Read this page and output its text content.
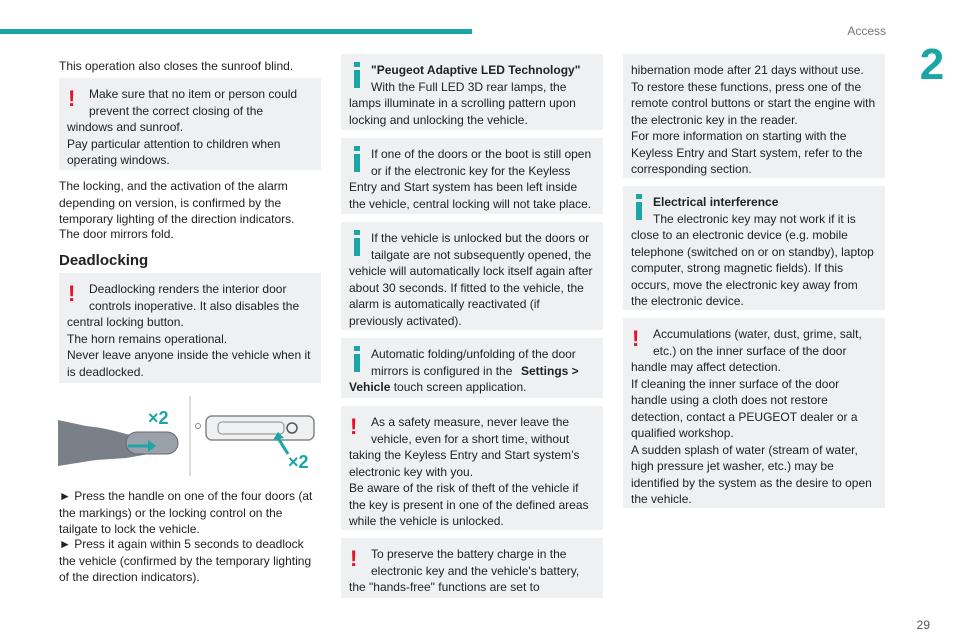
Access
2

This operation also closes the sunroof blind.

!	Make sure that no item or person could prevent the correct closing of the
windows and sunroof.

Pay particular attention to children when operating windows.

The locking, and the activation of the alarm depending on version, is confirmed by the temporary lighting of the direction indicators.

The door mirrors fold.

Deadlocking
!	Deadlocking renders the interior door controls inoperative. It also disables the
central locking button.

The horn remains operational.

Never leave anyone inside the vehicle when it is deadlocked.

×2
×2

► Press the handle on one of the four doors (at the markings) or the locking control on the tailgate to lock the vehicle.

► Press it again within 5 seconds to deadlock the vehicle (confirmed by the temporary lighting of the direction indicators).

"Peugeot Adaptive LED Technology"
With the Full LED 3D rear lamps, the
lamps illuminate in a scrolling pattern upon locking and unlocking the vehicle.

If one of the doors or the boot is still open or if the electronic key for the Keyless
Entry and Start system has been left inside the vehicle, central locking will not take place.

If the vehicle is unlocked but the doors or tailgate are not subsequently opened, the
vehicle will automatically lock itself again after about 30 seconds. If fitted to the vehicle, the alarm is automatically reactivated (if previously activated).

Automatic folding/unfolding of the door mirrors is configured in the Settings >

Vehicle touch screen application.

!	As a safety measure, never leave the vehicle, even for a short time, without
taking the Keyless Entry and Start system’s electronic key with you.

Be aware of the risk of theft of the vehicle if the key is present in one of the defined areas while the vehicle is unlocked.

!	To preserve the battery charge in the electronic key and the vehicle's battery,
the "hands-free" functions are set to

hibernation mode after 21 days without use. To restore these functions, press one of the remote control buttons or start the engine with the electronic key in the reader.

For more information on starting with the Keyless Entry and Start system, refer to the corresponding section.

Electrical interference
The electronic key may not work if it is
close to an electronic device (e.g. mobile telephone (switched on or on standby), laptop computer, strong magnetic fields). If this occurs, move the electronic key away from the electronic device.

!	Accumulations (water, dust, grime, salt, etc.) on the inner surface of the door
handle may affect detection.

If cleaning the inner surface of the door handle using a cloth does not restore detection, contact a PEUGEOT dealer or a qualified workshop.

A sudden splash of water (stream of water, high pressure jet washer, etc.) may be identified by the system as the desire to open the vehicle.

29
